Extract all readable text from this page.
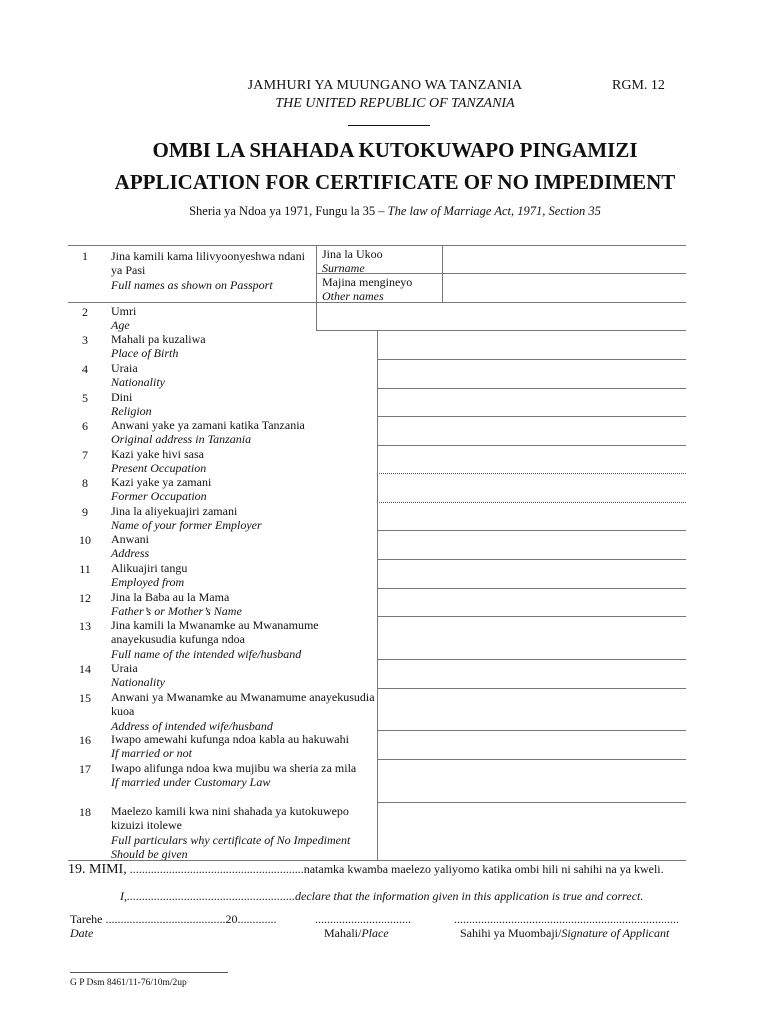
JAMHURI YA MUUNGANO WA TANZANIA	RGM. 12
THE UNITED REPUBLIC OF TANZANIA
OMBI LA SHAHADA KUTOKUWAPO PINGAMIZI
APPLICATION FOR CERTIFICATE OF NO IMPEDIMENT
Sheria ya Ndoa ya 1971, Fungu la 35 – The law of Marriage Act, 1971, Section 35
1	Jina kamili kama lilivyoonyeshwa ndani ya Pasi
Full names as shown on Passport
Jina la Ukoo
Surname
Majina mengineyo
Other names
2	Umri
Age
3	Mahali pa kuzaliwa
Place of Birth
4	Uraia
Nationality
5	Dini
Religion
6	Anwani yake ya zamani katika Tanzania
Original address in Tanzania
7	Kazi yake hivi sasa
Present Occupation
8	Kazi yake ya zamani
Former Occupation
9	Jina la aliyekuajiri zamani
Name of your former Employer
10	Anwani
Address
11	Alikuajiri tangu
Employed from
12	Jina la Baba au la Mama
Father’s or Mother’s Name
13	Jina kamili la Mwanamke au Mwanamume anayekusudia kufunga ndoa
Full name of the intended wife/husband
14	Uraia
Nationality
15	Anwani ya Mwanamke au Mwanamume anayekusudia kuoa
Address of intended wife/husband
16	Iwapo amewahi kufunga ndoa kabla au hakuwahi
If married or not
17	Iwapo alifunga ndoa kwa mujibu wa sheria za mila
If married under Customary Law
18	Maelezo kamili kwa nini shahada ya kutokuwepo kizuizi itolewe
Full particulars why certificate of No Impediment Should be given
19. MIMI, ..........................................................natamka kwamba maelezo yaliyomo katika ombi hili ni sahihi na ya kweli.
I,........................................................declare that the information given in this application is true and correct.
Tarehe ........................................20.............	................................	...........................................................................
Date	Mahali/Place	Sahihi ya Muombaji/Signature of Applicant
G P Dsm 8461/11-76/10m/2up
